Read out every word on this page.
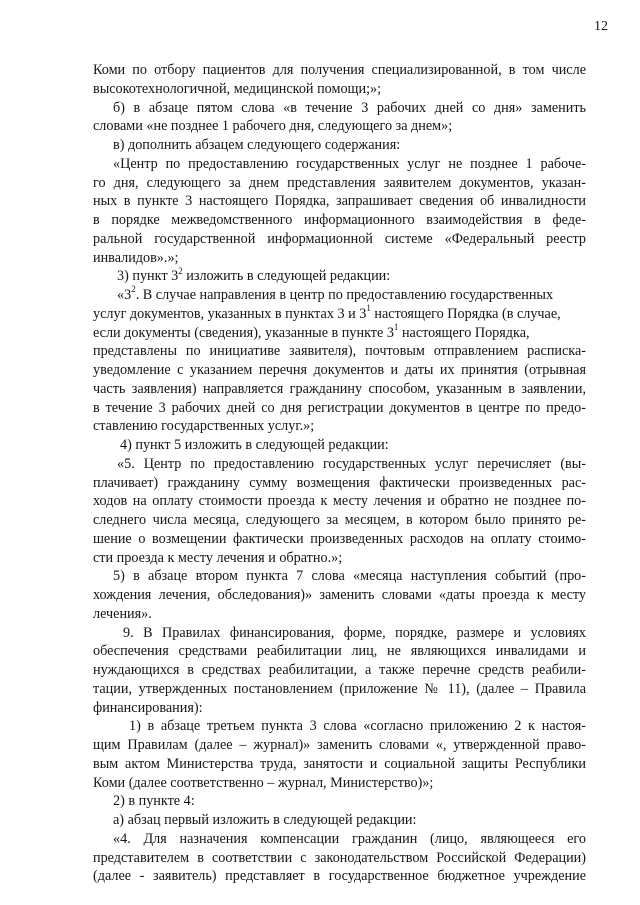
12
Коми по отбору пациентов для получения специализированной, в том числе
высокотехнологичной, медицинской помощи;»;
б) в абзаце пятом слова «в течение 3 рабочих дней со дня» заменить
словами «не позднее 1 рабочего дня, следующего за днем»;
в) дополнить абзацем следующего содержания:
«Центр по предоставлению государственных услуг не позднее 1 рабоче-
го дня, следующего за днем представления заявителем документов, указан-
ных в пункте 3 настоящего Порядка, запрашивает сведения об инвалидности
в порядке межведомственного информационного взаимодействия в феде-
ральной государственной информационной системе «Федеральный реестр
инвалидов».»;
3) пункт $3^2$ изложить в следующей редакции:
«$3^2$. В случае направления в центр по предоставлению государственных
услуг документов, указанных в пунктах 3 и $3^1$ настоящего Порядка (в случае,
если документы (сведения), указанные в пункте $3^1$ настоящего Порядка,
представлены по инициативе заявителя), почтовым отправлением расписка-
уведомление с указанием перечня документов и даты их принятия (отрывная
часть заявления) направляется гражданину способом, указанным в заявлении,
в течение 3 рабочих дней со дня регистрации документов в центре по предо-
ставлению государственных услуг.»;
4) пункт 5 изложить в следующей редакции:
«5. Центр по предоставлению государственных услуг перечисляет (вы-
плачивает) гражданину сумму возмещения фактически произведенных рас-
ходов на оплату стоимости проезда к месту лечения и обратно не позднее по-
следнего числа месяца, следующего за месяцем, в котором было принято ре-
шение о возмещении фактически произведенных расходов на оплату стоимо-
сти проезда к месту лечения и обратно.»;
5) в абзаце втором пункта 7 слова «месяца наступления событий (про-
хождения лечения, обследования)» заменить словами «даты проезда к месту
лечения».
9. В Правилах финансирования, форме, порядке, размере и условиях
обеспечения средствами реабилитации лиц, не являющихся инвалидами и
нуждающихся в средствах реабилитации, а также перечне средств реабили-
тации, утвержденных постановлением (приложение № 11), (далее – Правила
финансирования):
1) в абзаце третьем пункта 3 слова «согласно приложению 2 к настоя-
щим Правилам (далее – журнал)» заменить словами «, утвержденной право-
вым актом Министерства труда, занятости и социальной защиты Республики
Коми (далее соответственно – журнал, Министерство)»;
2) в пункте 4:
а) абзац первый изложить в следующей редакции:
«4. Для назначения компенсации гражданин (лицо, являющееся его
представителем в соответствии с законодательством Российской Федерации)
(далее - заявитель) представляет в государственное бюджетное учреждение
